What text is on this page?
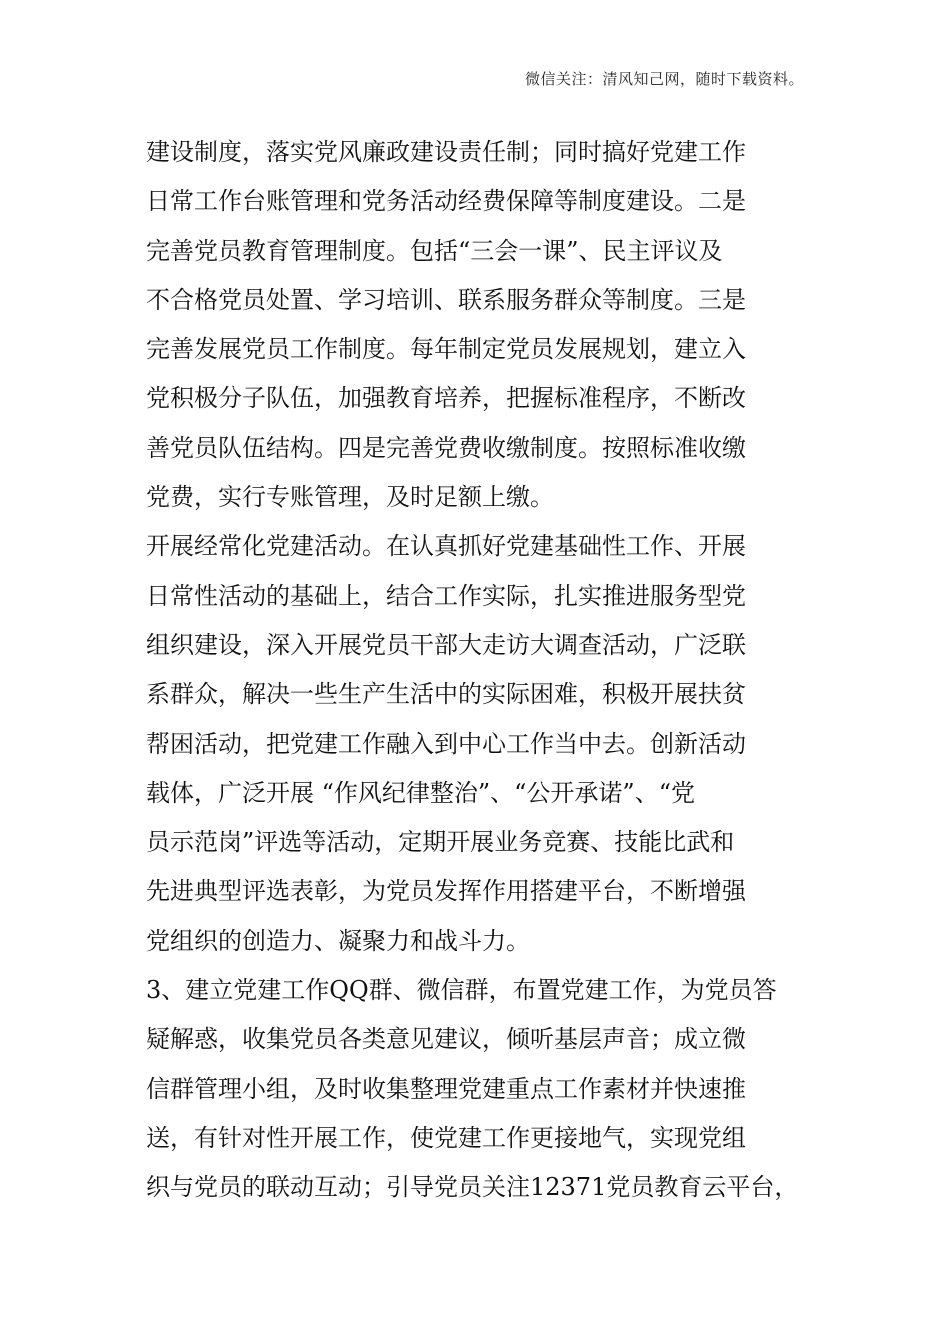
微信关注：清风知己网，随时下载资料。
建设制度，落实党风廉政建设责任制；同时搞好党建工作
日常工作台账管理和党务活动经费保障等制度建设。二是
完善党员教育管理制度。包括“三会一课”、民主评议及
不合格党员处置、学习培训、联系服务群众等制度。三是
完善发展党员工作制度。每年制定党员发展规划，建立入
党积极分子队伍，加强教育培养，把握标准程序，不断改
善党员队伍结构。四是完善党费收缴制度。按照标准收缴
党费，实行专账管理，及时足额上缴。
开展经常化党建活动。在认真抓好党建基础性工作、开展
日常性活动的基础上，结合工作实际，扎实推进服务型党
组织建设，深入开展党员干部大走访大调查活动，广泛联
系群众，解决一些生产生活中的实际困难，积极开展扶贫
帮困活动，把党建工作融入到中心工作当中去。创新活动
载体，广泛开展 “作风纪律整治”、“公开承诺”、“党
员示范岗”评选等活动，定期开展业务竞赛、技能比武和
先进典型评选表彰，为党员发挥作用搭建平台，不断增强
党组织的创造力、凝聚力和战斗力。
3、建立党建工作QQ群、微信群，布置党建工作，为党员答
疑解惑，收集党员各类意见建议，倾听基层声音；成立微
信群管理小组，及时收集整理党建重点工作素材并快速推
送，有针对性开展工作，使党建工作更接地气，实现党组
织与党员的联动互动；引导党员关注12371党员教育云平台，
